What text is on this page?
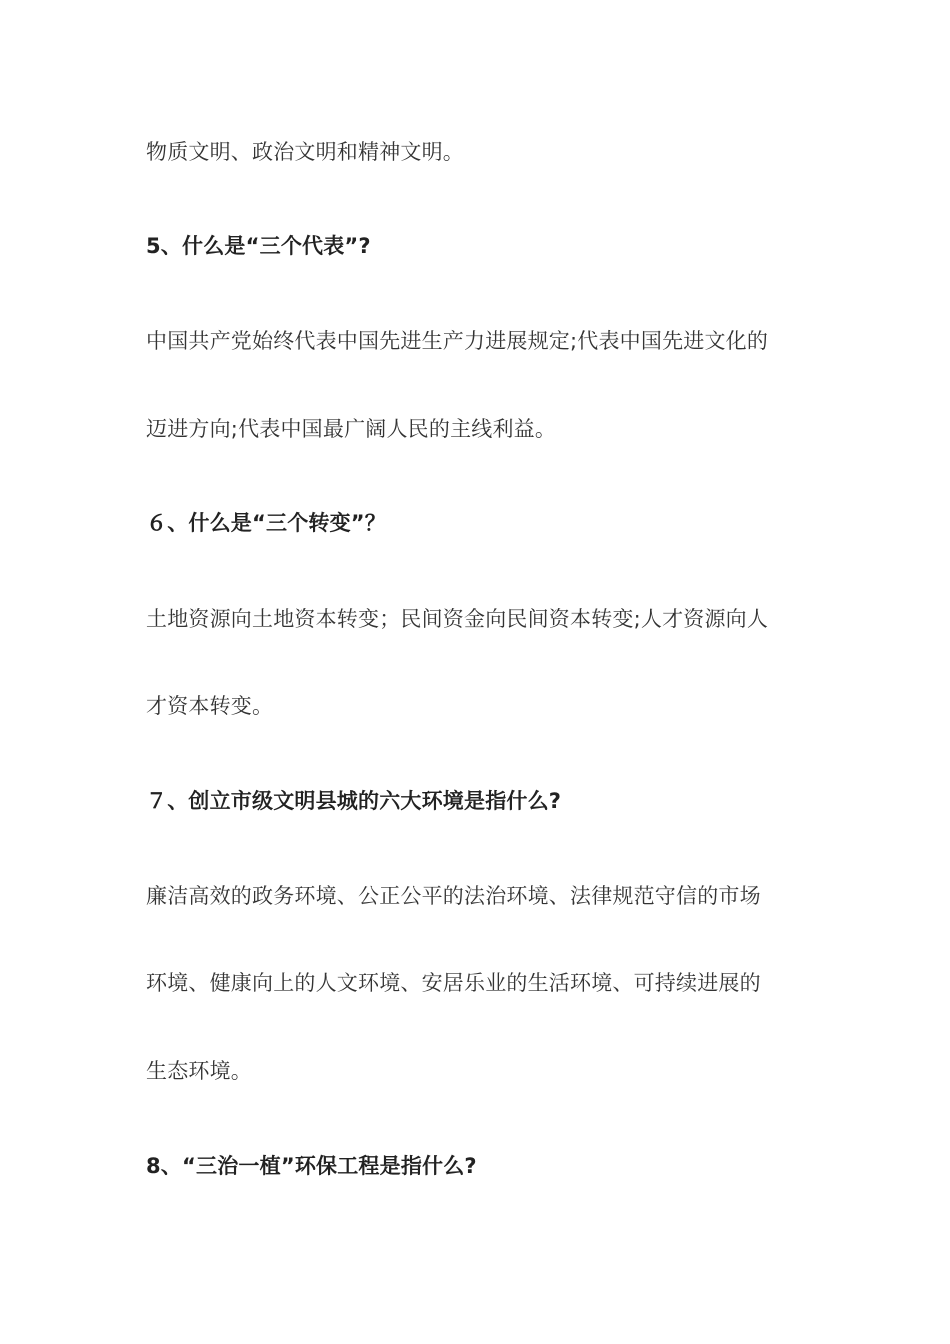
物质文明、政治文明和精神文明。
5、什么是“三个代表”?
中国共产党始终代表中国先进生产力进展规定;代表中国先进文化的
迈进方向;代表中国最广阔人民的主线利益。
６、什么是“三个转变”？
土地资源向土地资本转变；民间资金向民间资本转变;人才资源向人
才资本转变。
７、创立市级文明县城的六大环境是指什么?
廉洁高效的政务环境、公正公平的法治环境、法律规范守信的市场
环境、健康向上的人文环境、安居乐业的生活环境、可持续进展的
生态环境。
8、“三治一植”环保工程是指什么?
